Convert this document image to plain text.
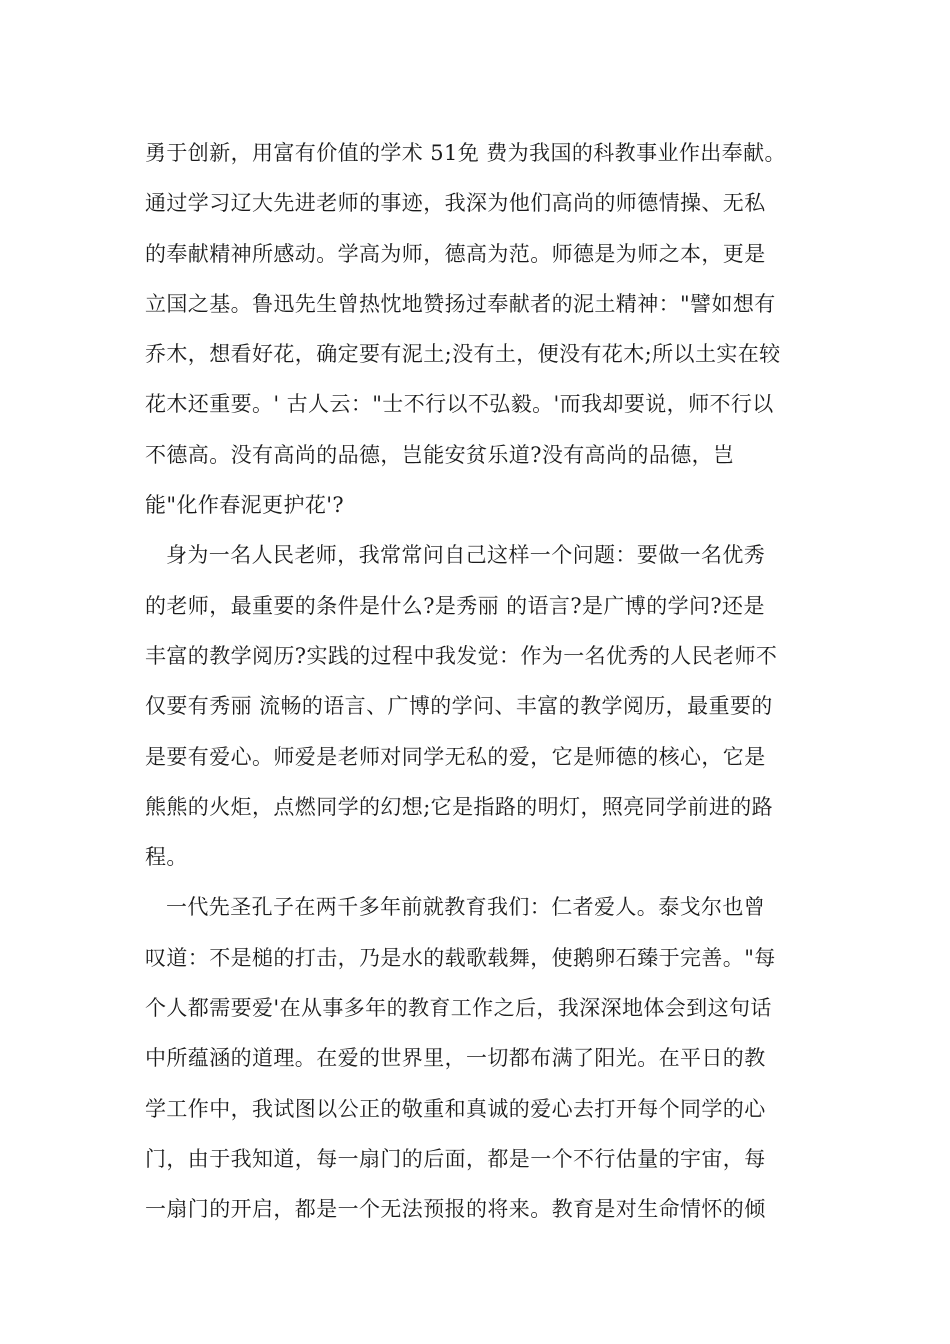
勇于创新，用富有价值的学术 51免 费为我国的科教事业作出奉献。
通过学习辽大先进老师的事迹，我深为他们高尚的师德情操、无私
的奉献精神所感动。学高为师，德高为范。师德是为师之本，更是
立国之基。鲁迅先生曾热忱地赞扬过奉献者的泥土精神："譬如想有
乔木，想看好花，确定要有泥土;没有土，便没有花木;所以土实在较
花木还重要。' 古人云："士不行以不弘毅。'而我却要说，师不行以
不德高。没有高尚的品德，岂能安贫乐道?没有高尚的品德，岂
能"化作春泥更护花'?
身为一名人民老师，我常常问自己这样一个问题：要做一名优秀
的老师，最重要的条件是什么?是秀丽 的语言?是广博的学问?还是
丰富的教学阅历?实践的过程中我发觉：作为一名优秀的人民老师不
仅要有秀丽 流畅的语言、广博的学问、丰富的教学阅历，最重要的
是要有爱心。师爱是老师对同学无私的爱，它是师德的核心，它是
熊熊的火炬，点燃同学的幻想;它是指路的明灯，照亮同学前进的路
程。
一代先圣孔子在两千多年前就教育我们：仁者爱人。泰戈尔也曾
叹道：不是槌的打击，乃是水的载歌载舞，使鹅卵石臻于完善。"每
个人都需要爱'在从事多年的教育工作之后，我深深地体会到这句话
中所蕴涵的道理。在爱的世界里，一切都布满了阳光。在平日的教
学工作中，我试图以公正的敬重和真诚的爱心去打开每个同学的心
门，由于我知道，每一扇门的后面，都是一个不行估量的宇宙，每
一扇门的开启，都是一个无法预报的将来。教育是对生命情怀的倾
